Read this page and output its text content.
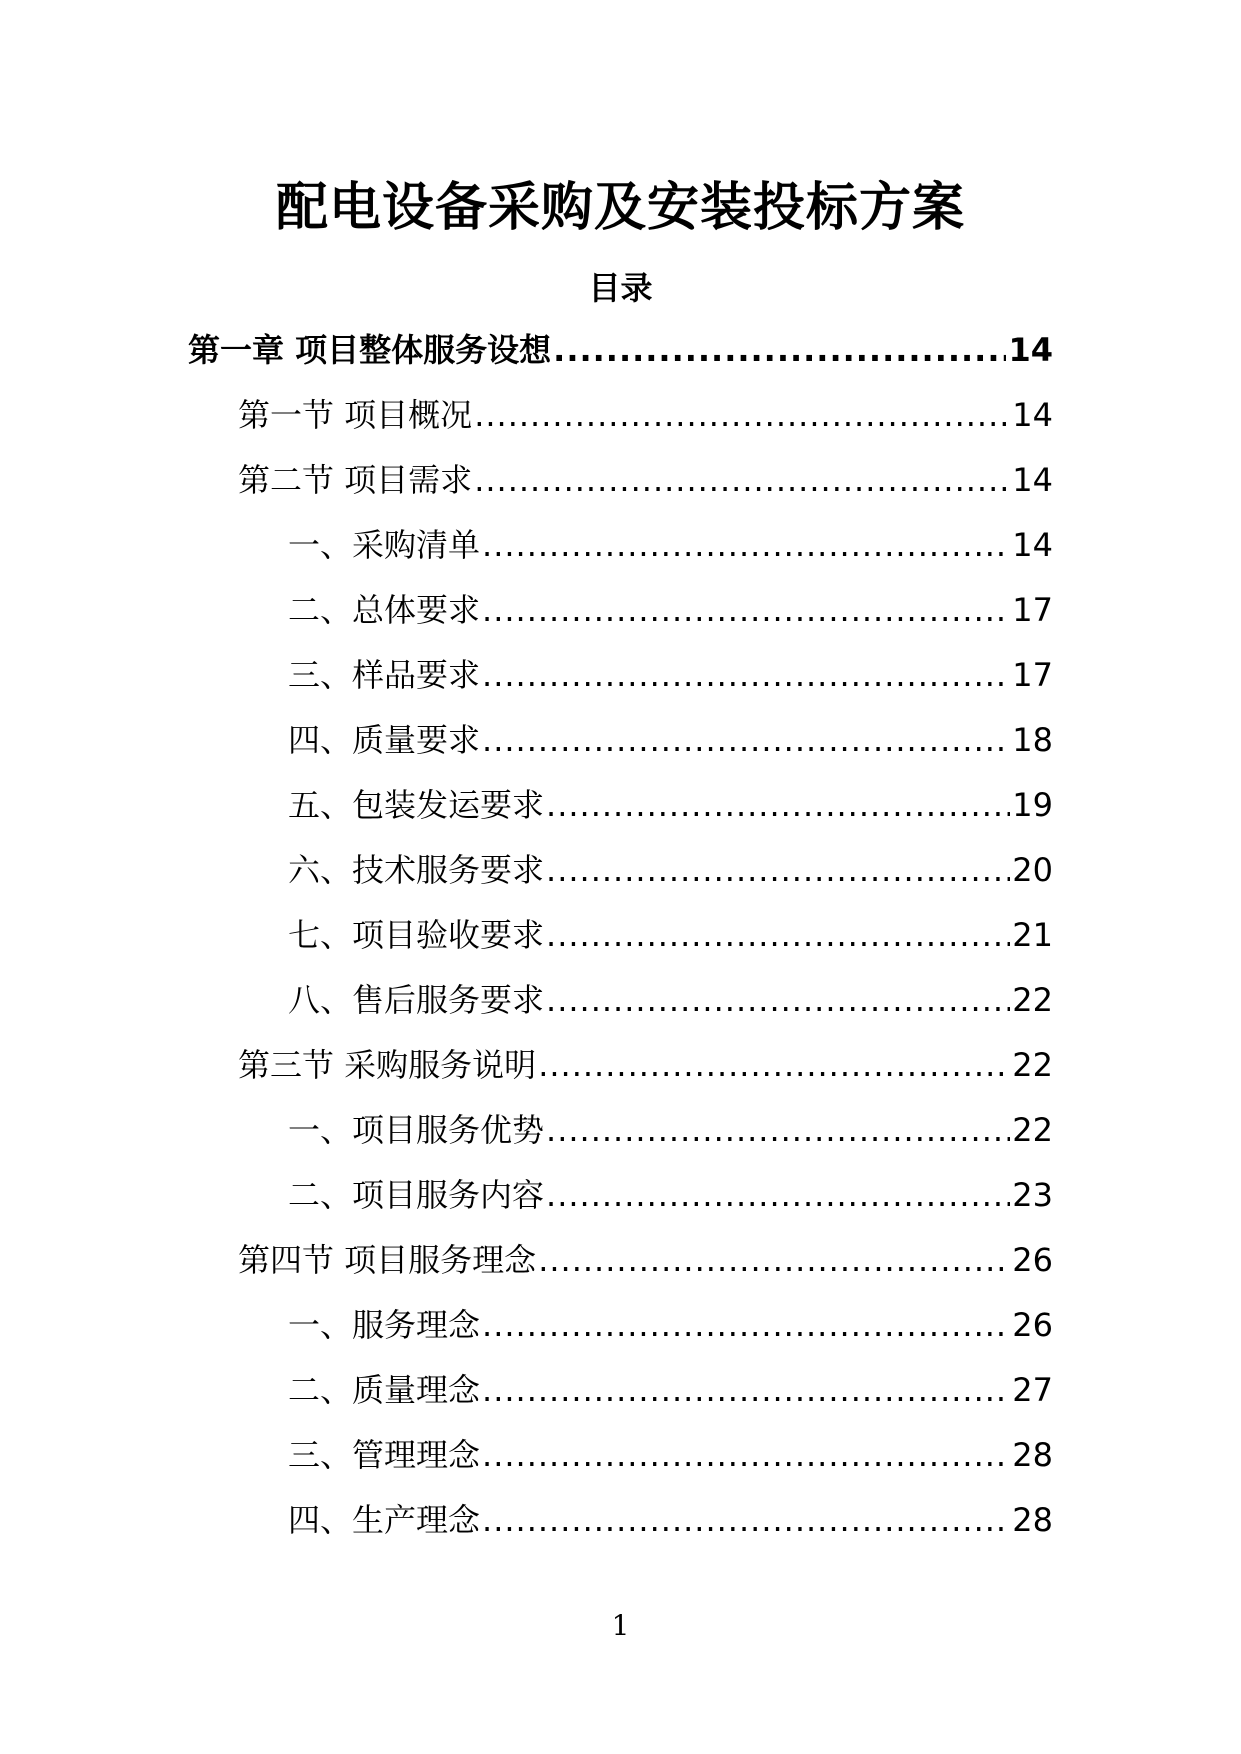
配电设备采购及安装投标方案
目录
第一章 项目整体服务设想 .....	14
第一节 项目概况 .....	14
第二节 项目需求 .....	14
一、采购清单 .....	14
二、总体要求 .....	17
三、样品要求 .....	17
四、质量要求 .....	18
五、包装发运要求 .....	19
六、技术服务要求 .....	20
七、项目验收要求 .....	21
八、售后服务要求 .....	22
第三节 采购服务说明 .....	22
一、项目服务优势 .....	22
二、项目服务内容 .....	23
第四节 项目服务理念 .....	26
一、服务理念 .....	26
二、质量理念 .....	27
三、管理理念 .....	28
四、生产理念 .....	28
1
